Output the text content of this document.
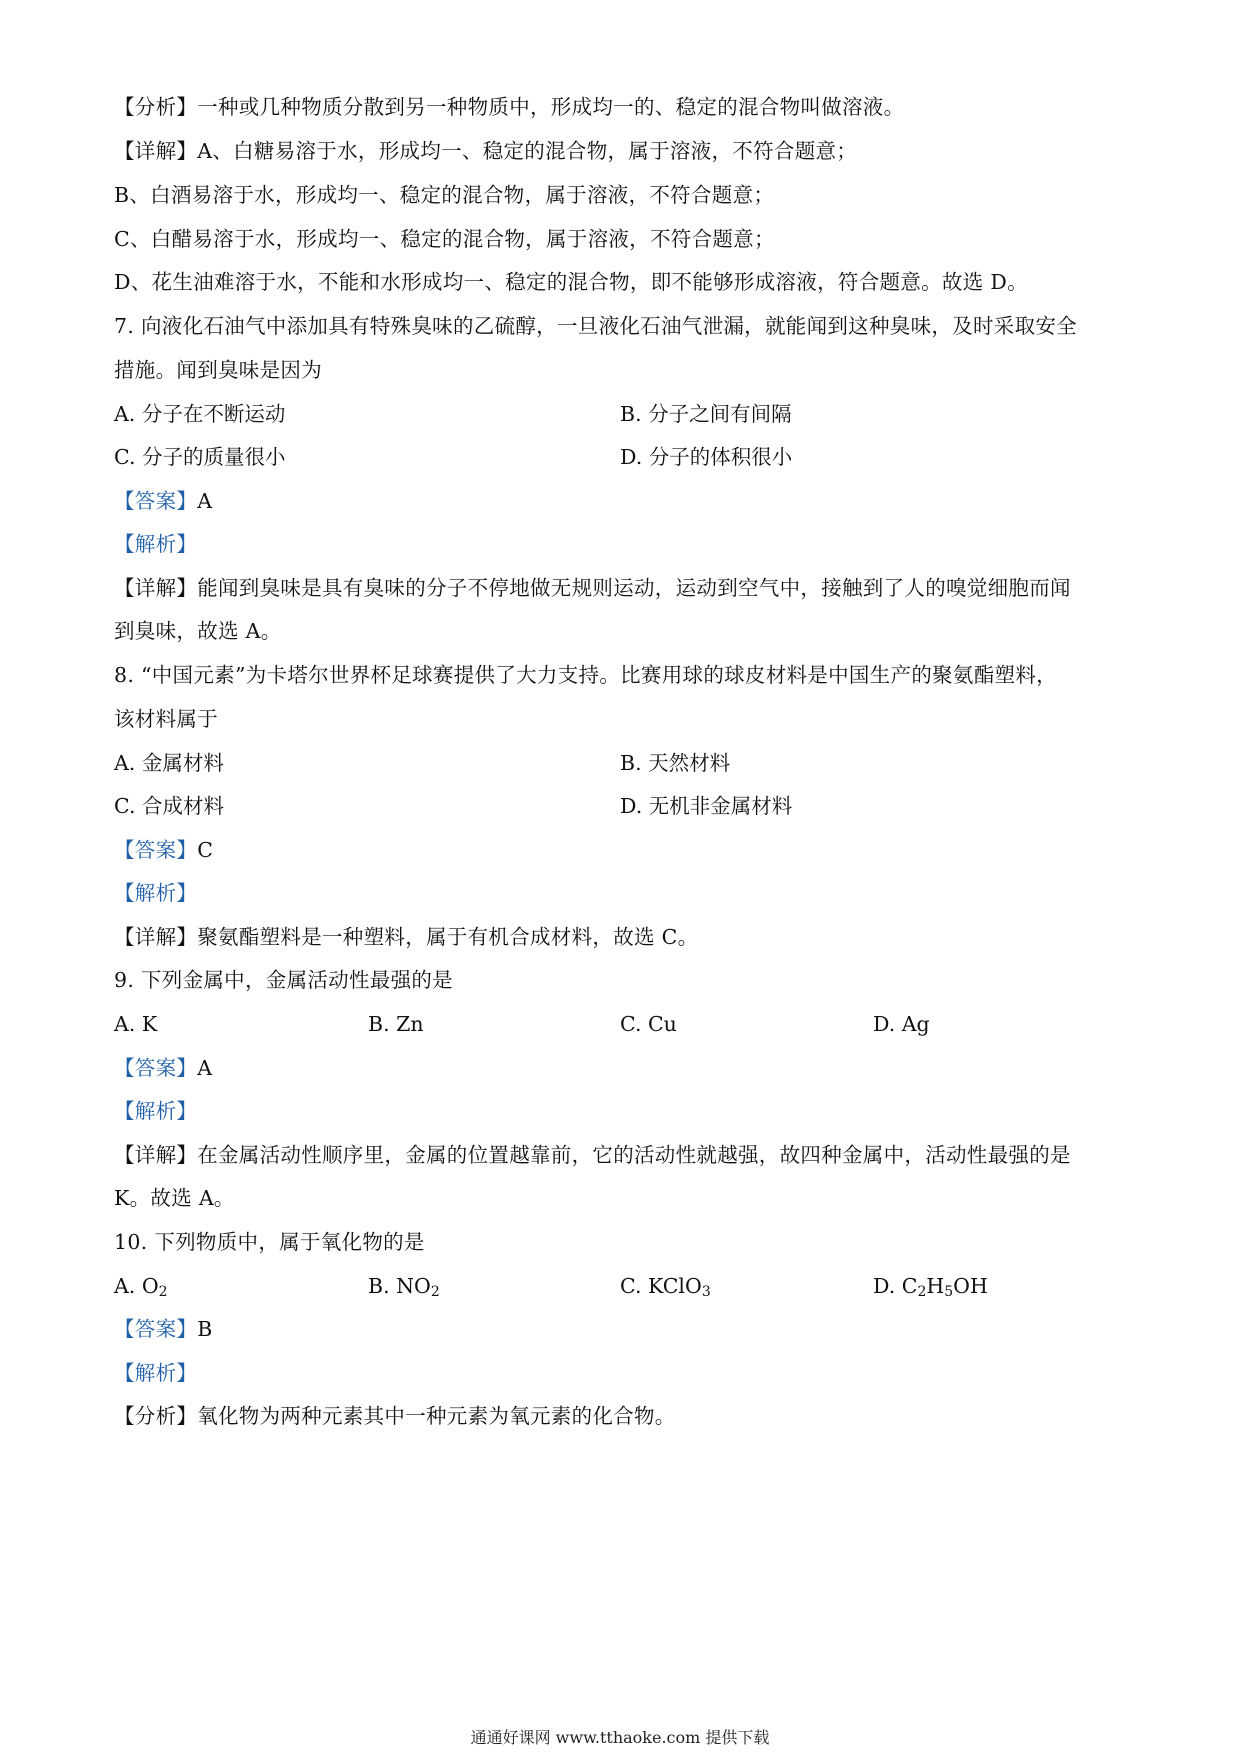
【分析】一种或几种物质分散到另一种物质中，形成均一的、稳定的混合物叫做溶液。
【详解】A、白糖易溶于水，形成均一、稳定的混合物，属于溶液，不符合题意；
B、白酒易溶于水，形成均一、稳定的混合物，属于溶液，不符合题意；
C、白醋易溶于水，形成均一、稳定的混合物，属于溶液，不符合题意；
D、花生油难溶于水，不能和水形成均一、稳定的混合物，即不能够形成溶液，符合题意。故选 D。
7. 向液化石油气中添加具有特殊臭味的乙硫醇，一旦液化石油气泄漏，就能闻到这种臭味，及时采取安全
措施。闻到臭味是因为
A. 分子在不断运动	B. 分子之间有间隔
C. 分子的质量很小	D. 分子的体积很小
【答案】A
【解析】
【详解】能闻到臭味是具有臭味的分子不停地做无规则运动，运动到空气中，接触到了人的嗅觉细胞而闻
到臭味，故选 A。
8. “中国元素”为卡塔尔世界杯足球赛提供了大力支持。比赛用球的球皮材料是中国生产的聚氨酯塑料，
该材料属于
A. 金属材料	B. 天然材料
C. 合成材料	D. 无机非金属材料
【答案】C
【解析】
【详解】聚氨酯塑料是一种塑料，属于有机合成材料，故选 C。
9. 下列金属中，金属活动性最强的是
A. K	B. Zn	C. Cu	D. Ag
【答案】A
【解析】
【详解】在金属活动性顺序里，金属的位置越靠前，它的活动性就越强，故四种金属中，活动性最强的是
K。故选 A。
10. 下列物质中，属于氧化物的是
A. $O_2$	B. $NO_2$	C. KClO$_3$	D. $C_2H_5OH$
【答案】B
【解析】
【分析】氧化物为两种元素其中一种元素为氧元素的化合物。
通通好课网 www.tthaoke.com 提供下载
